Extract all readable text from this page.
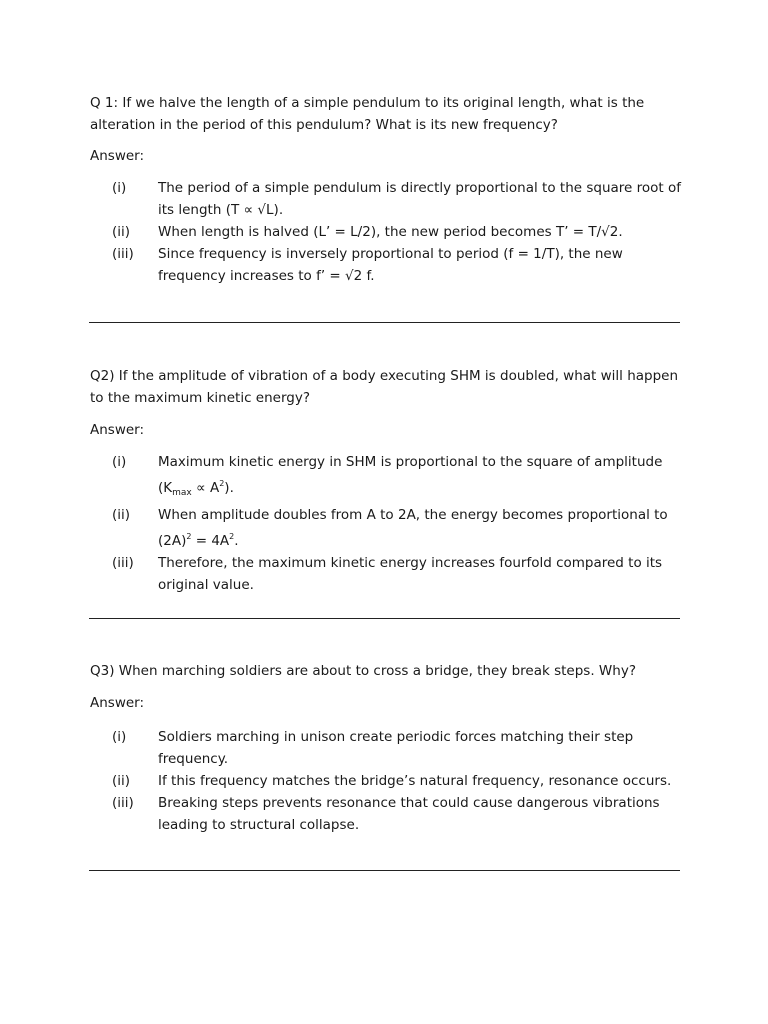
Q 1: If we halve the length of a simple pendulum to its original length, what is the alteration in the period of this pendulum? What is its new frequency?

Answer:

(i)	The period of a simple pendulum is directly proportional to the square root of its length (T ∝ √L).
(ii)	When length is halved (L’ = L/2), the new period becomes T’ = T/√2.
(iii)	Since frequency is inversely proportional to period (f = 1/T), the new frequency increases to f’ = √2 f.

Q2) If the amplitude of vibration of a body executing SHM is doubled, what will happen to the maximum kinetic energy?

Answer:

(i)	Maximum kinetic energy in SHM is proportional to the square of amplitude $(K_{max} \propto A^2)$.
(ii)	When amplitude doubles from A to 2A, the energy becomes proportional to $(2A)^2 = 4A^2$.
(iii)	Therefore, the maximum kinetic energy increases fourfold compared to its original value.

Q3) When marching soldiers are about to cross a bridge, they break steps. Why?

Answer:

(i)	Soldiers marching in unison create periodic forces matching their step frequency.
(ii)	If this frequency matches the bridge’s natural frequency, resonance occurs.
(iii)	Breaking steps prevents resonance that could cause dangerous vibrations leading to structural collapse.
